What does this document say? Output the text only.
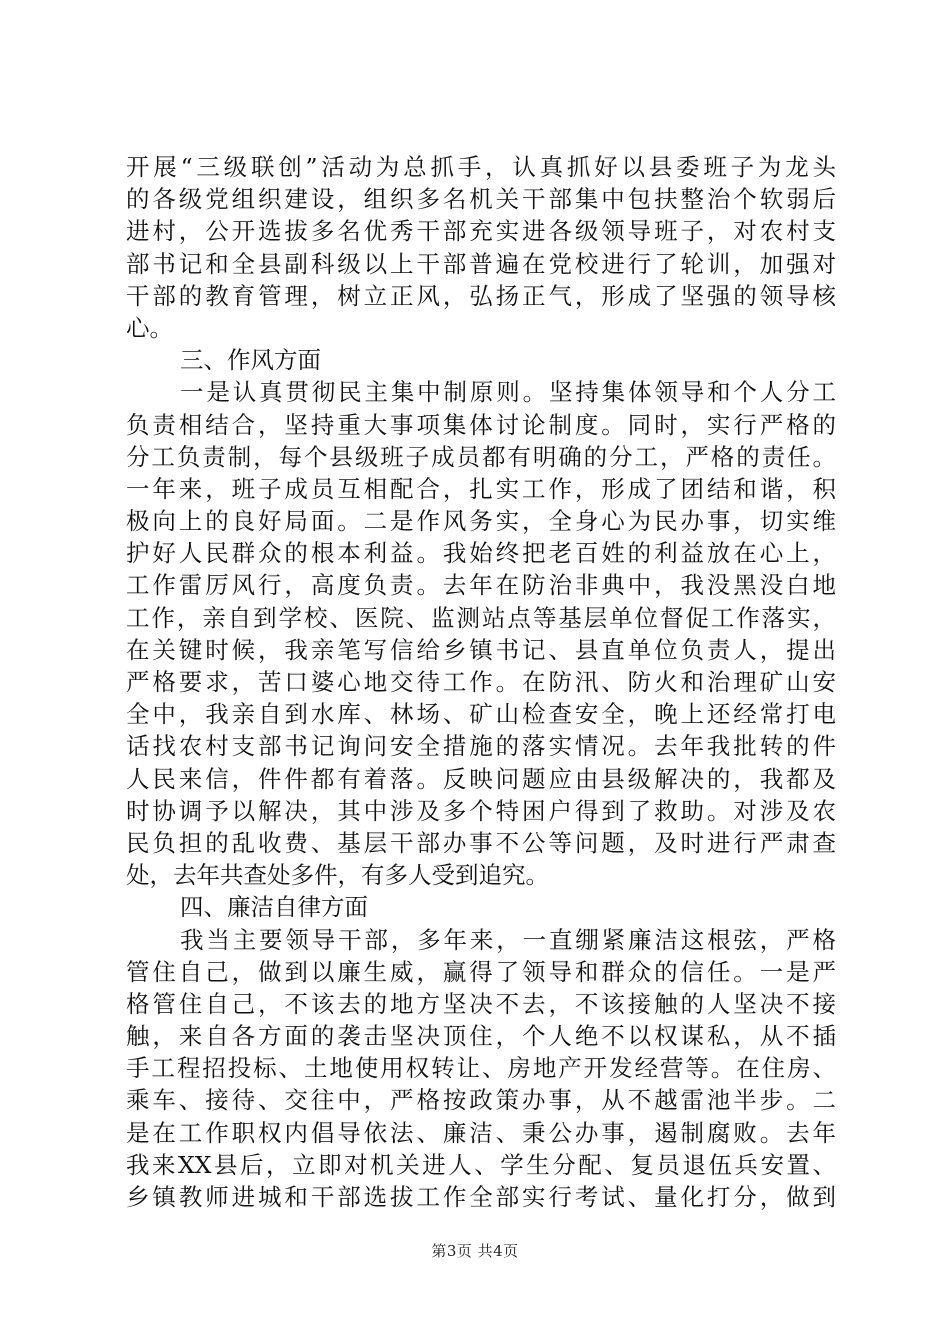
开展“三级联创”活动为总抓手，认真抓好以县委班子为龙头
的各级党组织建设，组织多名机关干部集中包扶整治个软弱后
进村，公开选拔多名优秀干部充实进各级领导班子，对农村支
部书记和全县副科级以上干部普遍在党校进行了轮训，加强对
干部的教育管理，树立正风，弘扬正气，形成了坚强的领导核
心。

三、作风方面

一是认真贯彻民主集中制原则。坚持集体领导和个人分工
负责相结合，坚持重大事项集体讨论制度。同时，实行严格的
分工负责制，每个县级班子成员都有明确的分工，严格的责任。
一年来，班子成员互相配合，扎实工作，形成了团结和谐，积
极向上的良好局面。二是作风务实，全身心为民办事，切实维
护好人民群众的根本利益。我始终把老百姓的利益放在心上，
工作雷厉风行，高度负责。去年在防治非典中，我没黑没白地
工作，亲自到学校、医院、监测站点等基层单位督促工作落实，
在关键时候，我亲笔写信给乡镇书记、县直单位负责人，提出
严格要求，苦口婆心地交待工作。在防汛、防火和治理矿山安
全中，我亲自到水库、林场、矿山检查安全，晚上还经常打电
话找农村支部书记询问安全措施的落实情况。去年我批转的件
人民来信，件件都有着落。反映问题应由县级解决的，我都及
时协调予以解决，其中涉及多个特困户得到了救助。对涉及农
民负担的乱收费、基层干部办事不公等问题，及时进行严肃查
处，去年共查处多件，有多人受到追究。

四、廉洁自律方面

我当主要领导干部，多年来，一直绷紧廉洁这根弦，严格
管住自己，做到以廉生威，赢得了领导和群众的信任。一是严
格管住自己，不该去的地方坚决不去，不该接触的人坚决不接
触，来自各方面的袭击坚决顶住，个人绝不以权谋私，从不插
手工程招投标、土地使用权转让、房地产开发经营等。在住房、
乘车、接待、交往中，严格按政策办事，从不越雷池半步。二
是在工作职权内倡导依法、廉洁、秉公办事，遏制腐败。去年
我来XX县后，立即对机关进人、学生分配、复员退伍兵安置、
乡镇教师进城和干部选拔工作全部实行考试、量化打分，做到

第3页 共4页
